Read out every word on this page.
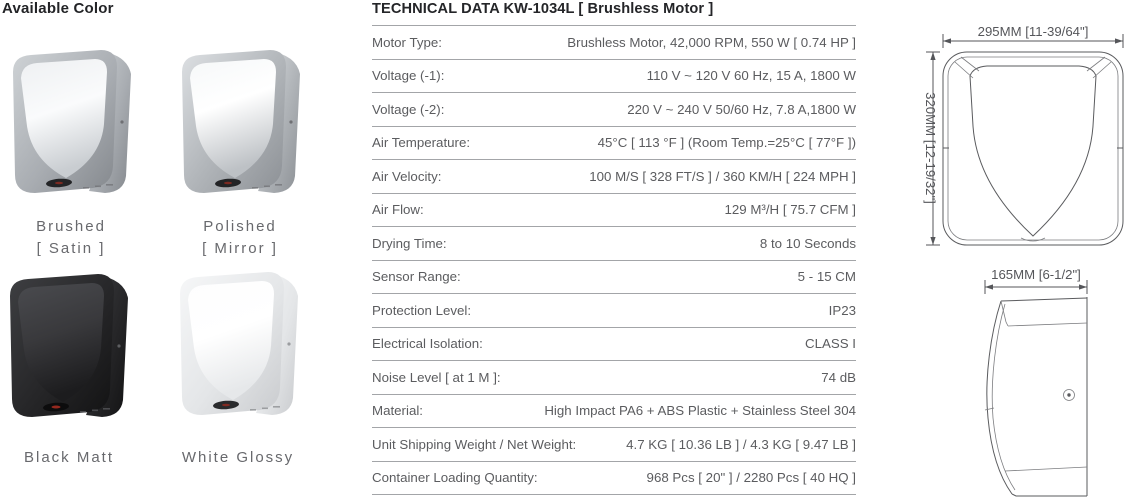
Available Color
Brushed
[ Satin ]
Polished
[ Mirror ]
Black Matt	White Glossy
TECHNICAL DATA KW-1034L [ Brushless Motor ]
Motor Type:	Brushless Motor, 42,000 RPM, 550 W [ 0.74 HP ]
Voltage (-1):	110 V ~ 120 V 60 Hz, 15 A, 1800 W
Voltage (-2):	220 V ~ 240 V 50/60 Hz, 7.8 A,1800 W
Air Temperature:	45°C [ 113 °F ] (Room Temp.=25°C [ 77°F ])
Air Velocity:	100 M/S [ 328 FT/S ] / 360 KM/H [ 224 MPH ]
Air Flow:	129 M³/H [ 75.7 CFM ]
Drying Time:	8 to 10 Seconds
Sensor Range:	5 - 15 CM
Protection Level:	IP23
Electrical Isolation:	CLASS I
Noise Level [ at 1 M ]:	74 dB
Material:	High Impact PA6 + ABS Plastic + Stainless Steel 304
Unit Shipping Weight / Net Weight:	4.7 KG [ 10.36 LB ] / 4.3 KG [ 9.47 LB ]
Container Loading Quantity:	968 Pcs [ 20" ] / 2280 Pcs [ 40 HQ ]
295MM [11-39/64"]
320MM [12-19/32"]
165MM [6-1/2"]
